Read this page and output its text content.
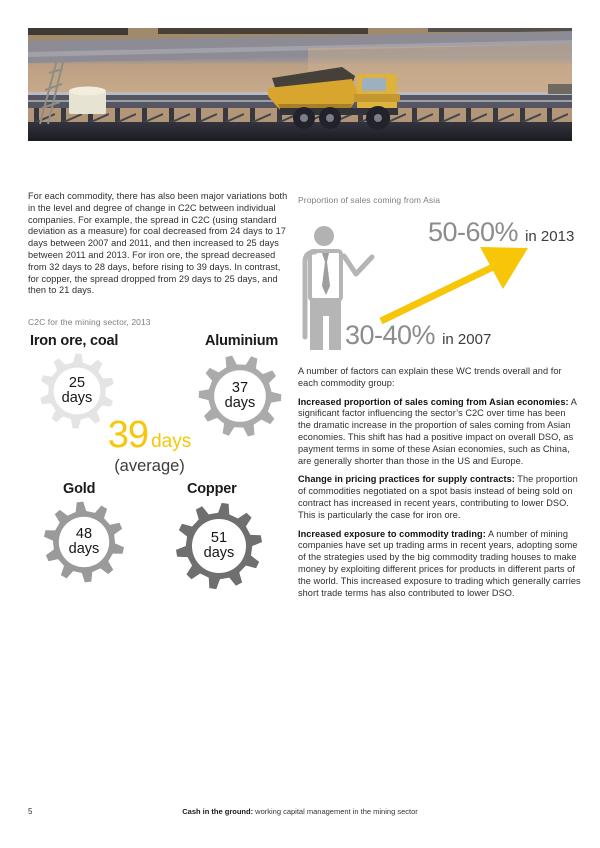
For each commodity, there has also been major variations both in the level and degree of change in C2C between individual companies. For example, the spread in C2C (using standard deviation as a measure) for coal decreased from 24 days to 17 days between 2007 and 2011, and then increased to 25 days between 2011 and 2013. For iron ore, the spread decreased from 32 days to 28 days, before rising to 39 days. In contrast, for copper, the spread dropped from 29 days to 25 days, and then to 21 days.

Proportion of sales coming from Asia
50-60% in 2013
30-40% in 2007
C2C for the mining sector, 2013
Iron ore, coal	Aluminium
Gold	Copper
25
days
37
days
48
days
51
days
39 days
(average)

A number of factors can explain these WC trends overall and for each commodity group:

Increased proportion of sales coming from Asian economies: A significant factor influencing the sector’s C2C over time has been the dramatic increase in the proportion of sales coming from Asian economies. This shift has had a positive impact on overall DSO, as payment terms in some of these Asian economies, such as China, are generally shorter than those in the US and Europe.

Change in pricing practices for supply contracts: The proportion of commodities negotiated on a spot basis instead of being sold on contract has increased in recent years, contributing to lower DSO. This is particularly the case for iron ore.

Increased exposure to commodity trading: A number of mining companies have set up trading arms in recent years, adopting some of the strategies used by the big commodity trading houses to make money by exploiting different prices for products in different parts of the world. This increased exposure to trading which generally carries short trade terms has also contributed to lower DSO.

5	Cash in the ground: working capital management in the mining sector
